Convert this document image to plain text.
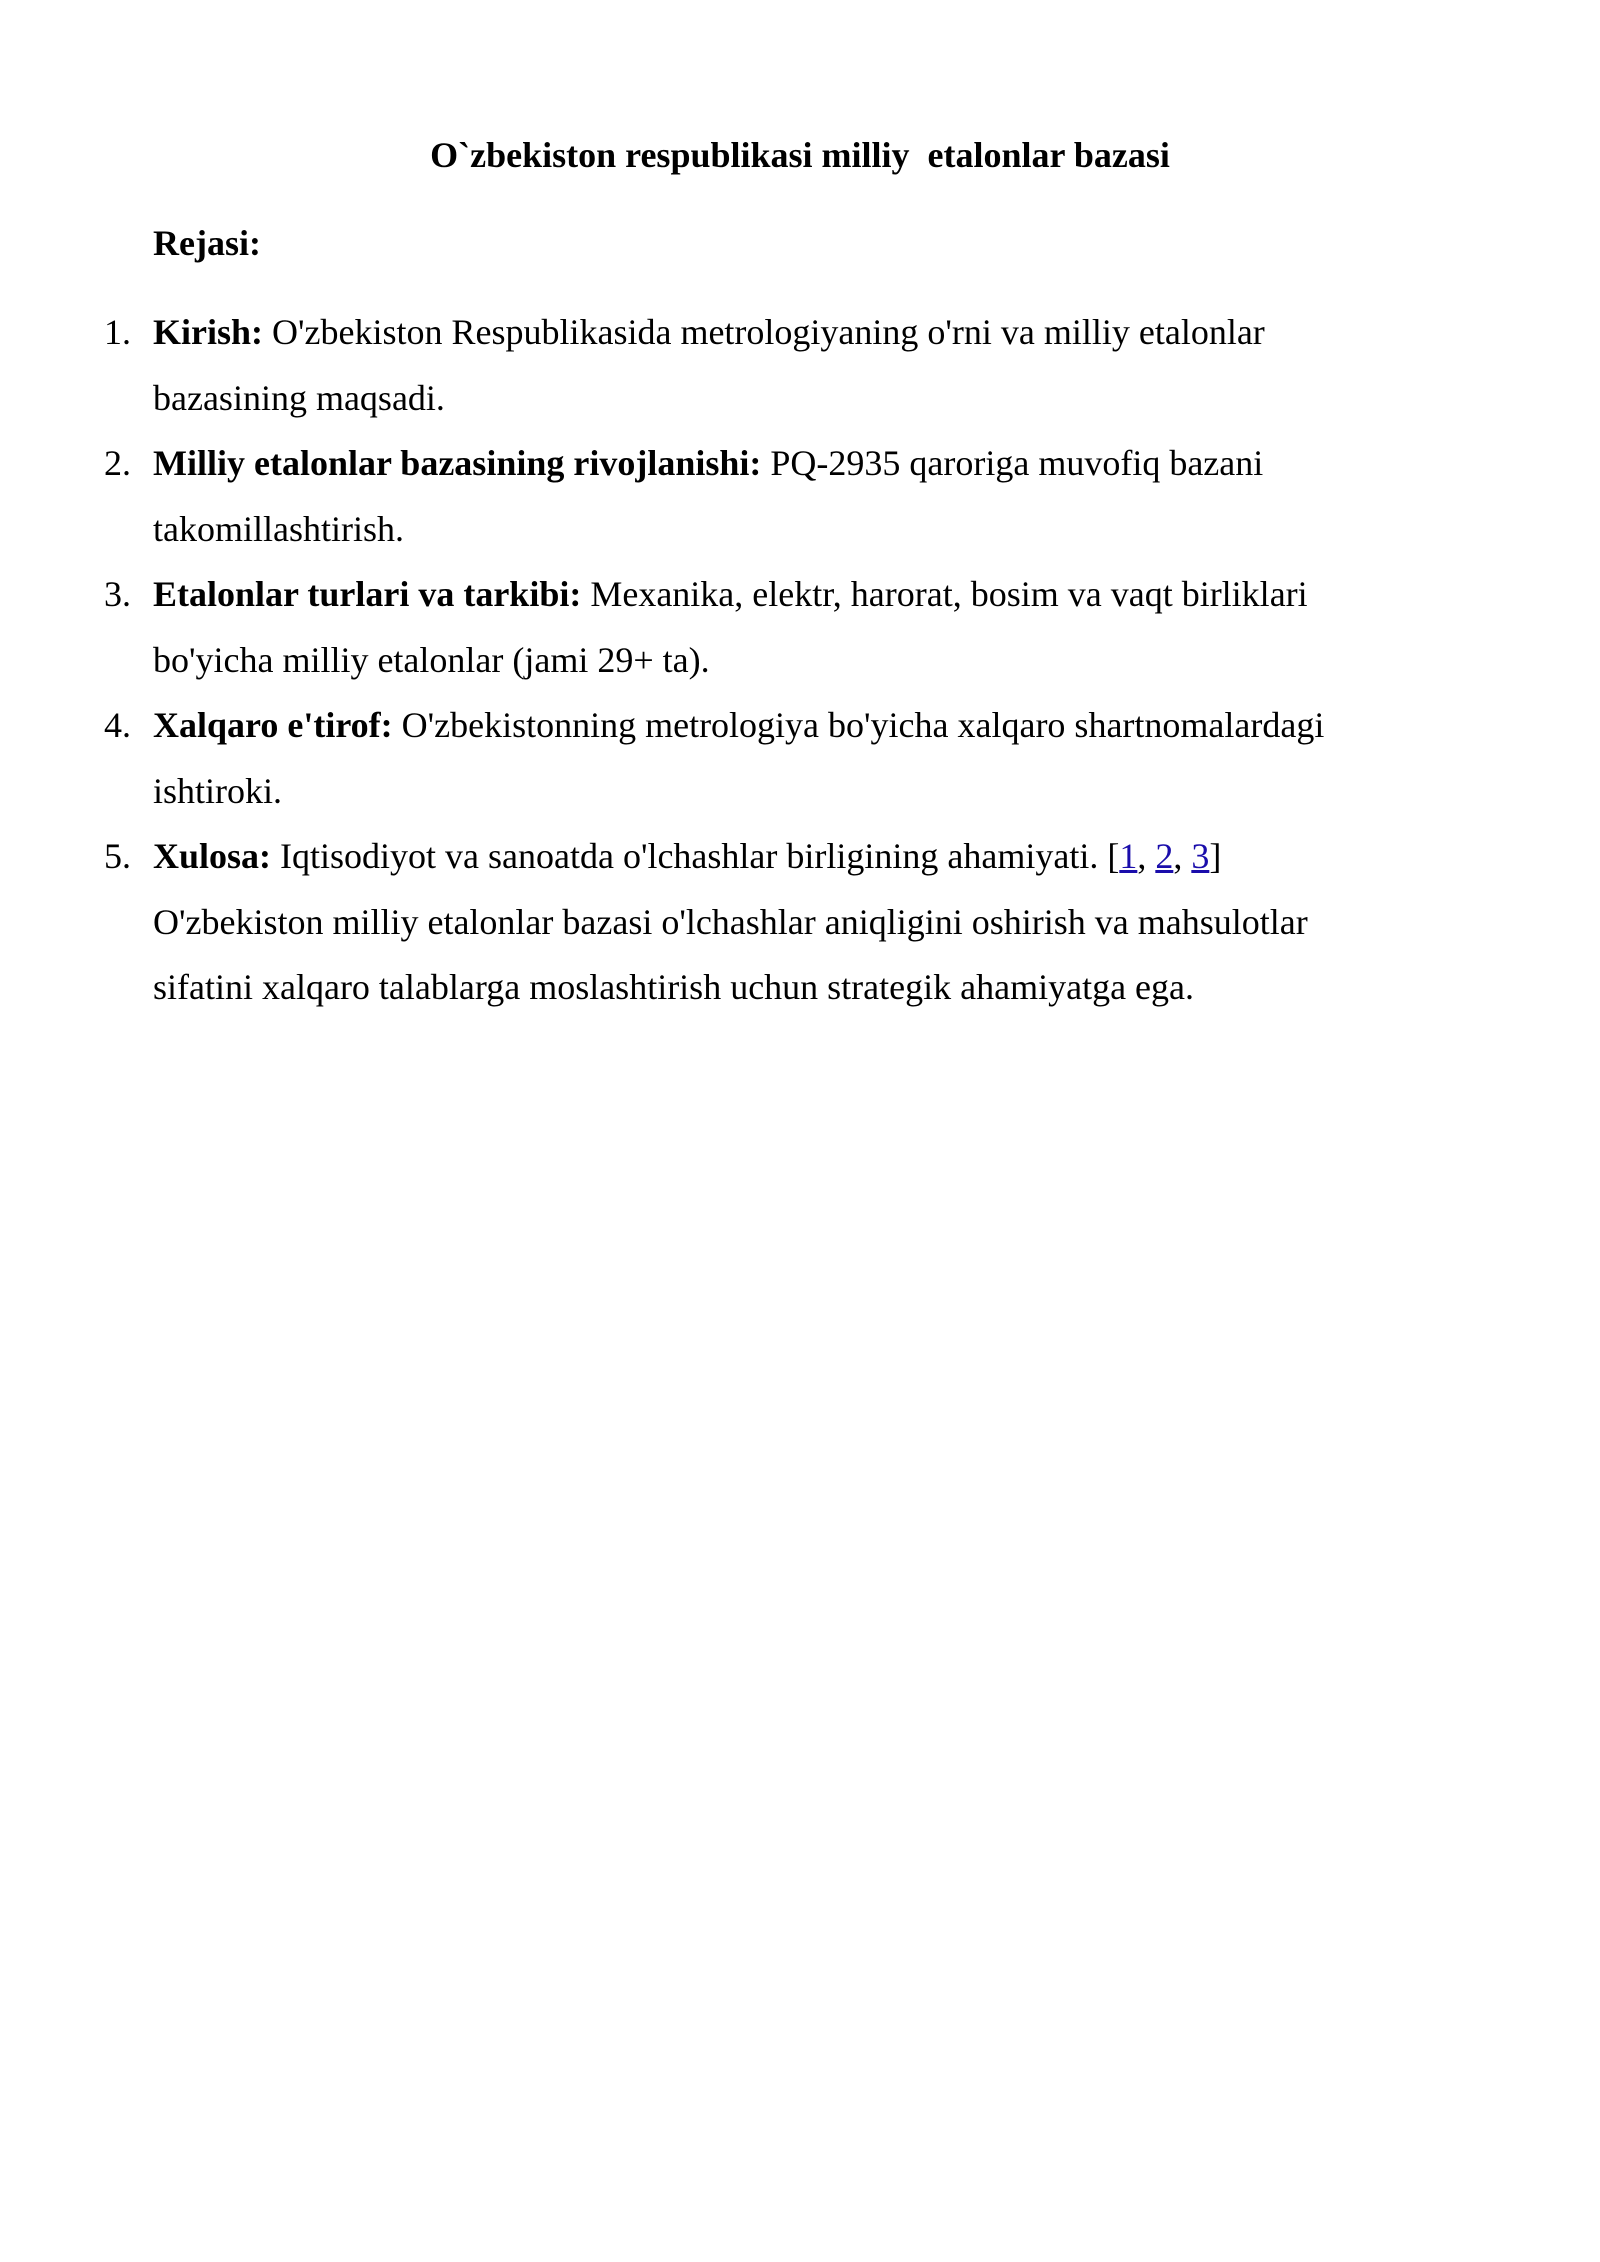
O`zbekiston respublikasi milliy  etalonlar bazasi
Rejasi:
1. Kirish: O'zbekiston Respublikasida metrologiyaning o'rni va milliy etalonlar bazasining maqsadi.
2. Milliy etalonlar bazasining rivojlanishi: PQ-2935 qaroriga muvofiq bazani takomillashtirish.
3. Etalonlar turlari va tarkibi: Mexanika, elektr, harorat, bosim va vaqt birliklari bo'yicha milliy etalonlar (jami 29+ ta).
4. Xalqaro e'tirof: O'zbekistonning metrologiya bo'yicha xalqaro shartnomalardagi ishtiroki.
5. Xulosa: Iqtisodiyot va sanoatda o'lchashlar birligining ahamiyati. [1, 2, 3]
O'zbekiston milliy etalonlar bazasi o'lchashlar aniqligini oshirish va mahsulotlar sifatini xalqaro talablarga moslashtirish uchun strategik ahamiyatga ega.
